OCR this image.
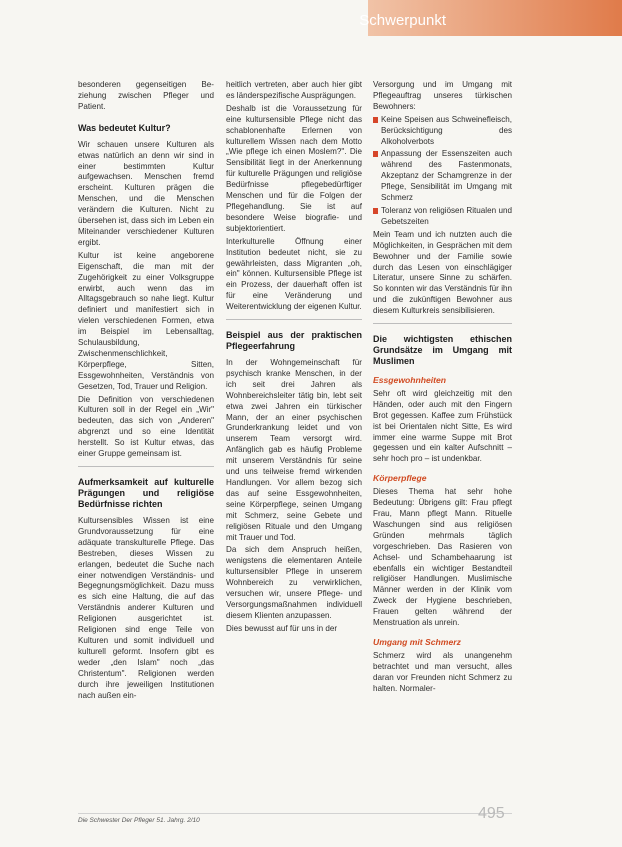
Schwerpunkt

besonderen gegenseitigen Be-ziehung zwischen Pfleger und Patient.

Was bedeutet Kultur?

Wir schauen unsere Kulturen als etwas natürlich an denn wir sind in einer bestimmten Kultur aufgewachsen. Menschen fremd erscheint. Kulturen prägen die Menschen, und die Menschen verändern die Kulturen. Nicht zu übersehen ist, dass sich im Leben ein Miteinander verschiedener Kulturen ergibt.

Kultur ist keine angeborene Eigenschaft, die man mit der Zugehörigkeit zu einer Volksgruppe erwirbt, auch wenn das im Alltagsgebrauch so nahe liegt. Kultur definiert und manifestiert sich in vielen verschiedenen Formen, etwa im Beispiel im Lebensalltag, Schulausbildung, Zwischenmenschlichkeit, Körperpflege, Sitten, Essgewohnheiten, Verständnis von Gesetzen, Tod, Trauer und Religion.

Die Definition von verschiedenen Kulturen soll in der Regel ein „Wir" bedeuten, das sich von „Anderen" abgrenzt und so eine Identität herstellt. So ist Kultur etwas, das einer Gruppe gemeinsam ist.

Aufmerksamkeit auf kulturelle Prägungen und religiöse Bedürfnisse richten

Kultursensibles Wissen ist eine Grundvoraussetzung für eine adäquate transkulturelle Pflege. Das Bestreben, dieses Wissen zu erlangen, bedeutet die Suche nach einer notwendigen Verständnis- und Begegnungsmöglichkeit. Dazu muss es sich eine Haltung, die auf das Verständnis anderer Kulturen und Religionen ausgerichtet ist. Religionen sind enge Teile von Kulturen und somit individuell und kulturell geformt. Insofern gibt es weder „den Islam" noch „das Christentum". Religionen werden durch ihre jeweiligen Institutionen nach außen ein-

heitlich vertreten, aber auch hier gibt es länderspezifische Ausprägungen.

Deshalb ist die Voraussetzung für eine kultursensible Pflege nicht das schablonenhafte Erlernen von kulturellem Wissen nach dem Motto „Wie pflege ich einen Moslem?". Die Sensibilität liegt in der Anerkennung für kulturelle Prägungen und religiöse Bedürfnisse pflegebedürftiger Menschen und für die Folgen der Pflegehandlung. Sie ist auf besondere Weise biografie- und subjektorientiert.

Interkulturelle Öffnung einer Institution bedeutet nicht, sie zu gewährleisten, dass Migranten „oh, ein" können. Kultursensible Pflege ist ein Prozess, der dauerhaft offen ist für eine Veränderung und Weiterentwicklung der eigenen Kultur.

Beispiel aus der praktischen Pflegeerfahrung

In der Wohngemeinschaft für psychisch kranke Menschen, in der ich seit drei Jahren als Wohnbereichsleiter tätig bin, lebt seit etwa zwei Jahren ein türkischer Mann, der an einer psychischen Grunderkrankung leidet und von unserem Team versorgt wird. Anfänglich gab es häufig Probleme mit unserem Verständnis für seine und uns teilweise fremd wirkenden Handlungen. Vor allem bezog sich das auf seine Essgewohnheiten, seine Körperpflege, seinen Umgang mit Schmerz, seine Gebete und religiösen Rituale und den Umgang mit Trauer und Tod.

Da sich dem Anspruch heißen, wenigstens die elementaren Anteile kultursensibler Pflege in unserem Wohnbereich zu verwirklichen, versuchen wir, unsere Pflege- und Versorgungsmaßnahmen individuell diesem Klienten anzupassen.

Dies bewusst auf für uns in der

Versorgung und im Umgang mit Pflegeauftrag unseres türkischen Bewohners:

Keine Speisen aus Schweinefleisch, Berücksichtigung des Alkoholverbots

Anpassung der Essenszeiten auch während des Fastenmonats, Akzeptanz der Schamgrenze in der Pflege, Sensibilität im Umgang mit Schmerz

Toleranz von religiösen Ritualen und Gebetszeiten

Mein Team und ich nutzten auch die Möglichkeiten, in Gesprächen mit dem Bewohner und der Familie sowie durch das Lesen von einschlägiger Literatur, unsere Sinne zu schärfen. So konnten wir das Verständnis für ihn und die zukünftigen Bewohner aus diesem Kulturkreis sensibilisieren.

Die wichtigsten ethischen Grundsätze im Umgang mit Muslimen
Essgewohnheiten

Sehr oft wird gleichzeitig mit den Händen, oder auch mit den Fingern Brot gegessen. Kaffee zum Frühstück ist bei Orientalen nicht Sitte, Es wird immer eine warme Suppe mit Brot gegessen und ein kalter Aufschnitt – sehr hoch pro – ist undenkbar.

Körperpflege

Dieses Thema hat sehr hohe Bedeutung: Übrigens gilt: Frau pflegt Frau, Mann pflegt Mann. Rituelle Waschungen sind aus religiösen Gründen mehrmals täglich vorgeschrieben. Das Rasieren von Achsel- und Schambehaarung ist ebenfalls ein wichtiger Bestandteil religiöser Handlungen. Muslimische Männer werden in der Klinik vom Zweck der Hygiene beschrieben, Frauen gelten während der Menstruation als unrein.

Umgang mit Schmerz

Schmerz wird als unangenehm betrachtet und man versucht, alles daran vor Freunden nicht Schmerz zu halten. Normaler-

Die Schwester Der Pfleger 51. Jahrg. 2/10	495
